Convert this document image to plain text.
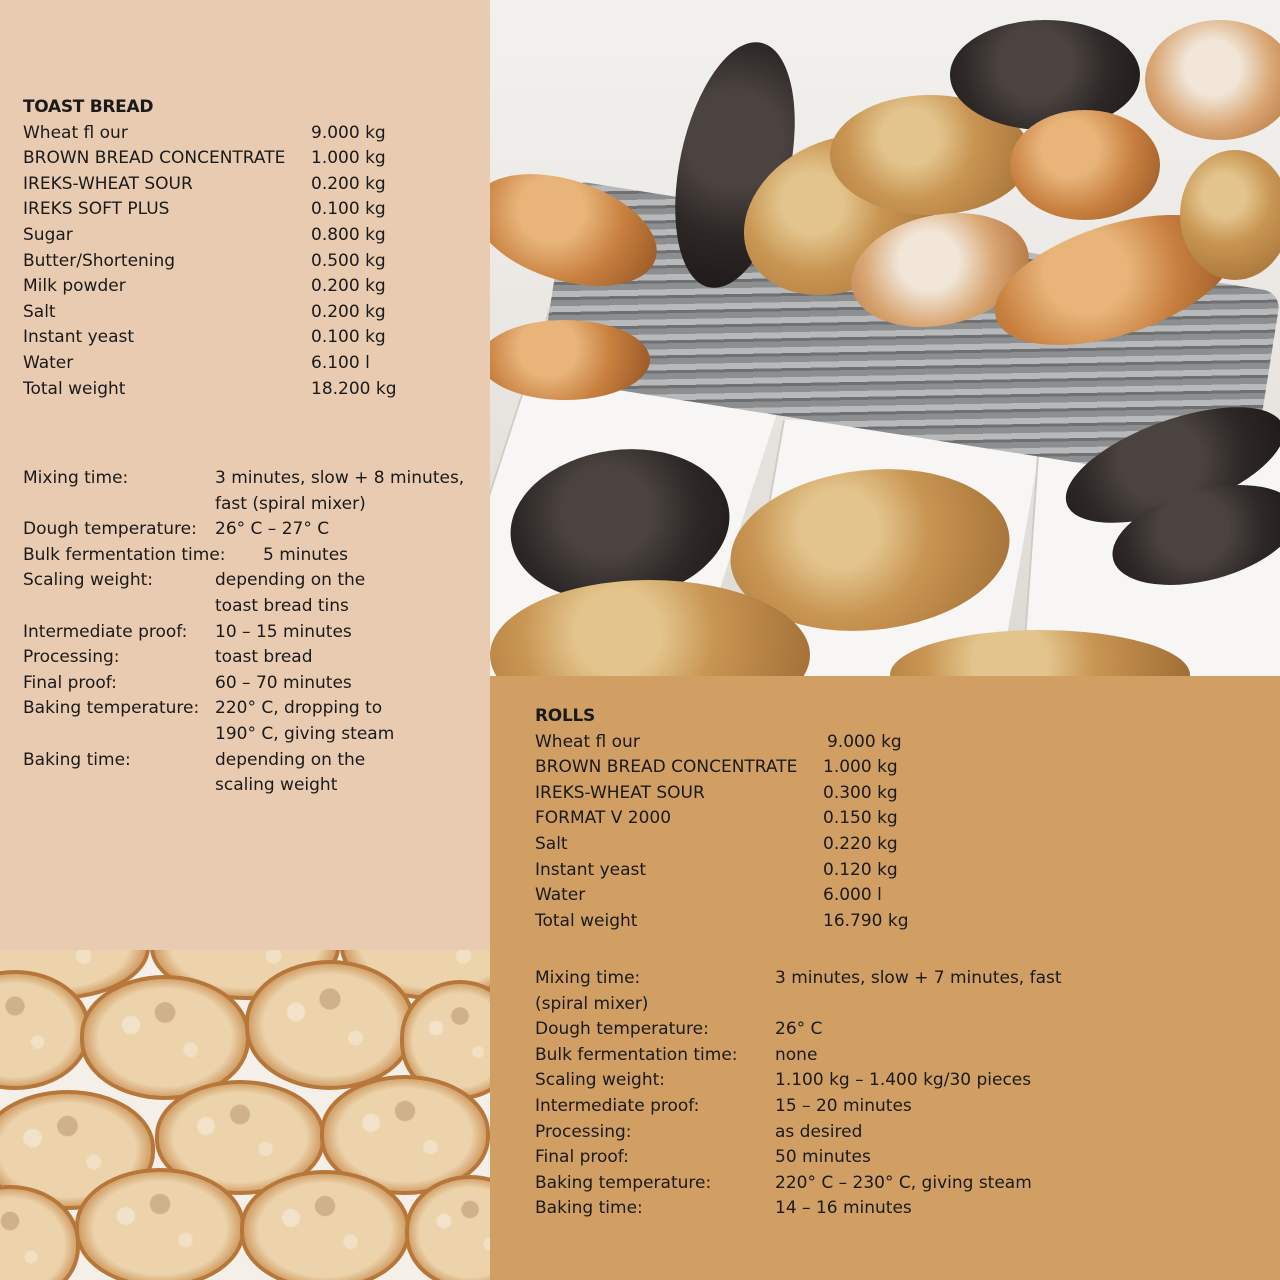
TOAST BREAD
Wheat fl our	9.000 kg
BROWN BREAD CONCENTRATE	1.000 kg
IREKS-WHEAT SOUR	0.200 kg
IREKS SOFT PLUS	0.100 kg
Sugar	0.800 kg
Butter/Shortening	0.500 kg
Milk powder	0.200 kg
Salt	0.200 kg
Instant yeast	0.100 kg
Water	6.100 l
Total weight	18.200 kg
Mixing time:	3 minutes, slow + 8 minutes, fast (spiral mixer)
Dough temperature:	26° C – 27° C
Bulk fermentation time:	5 minutes
Scaling weight:	depending on the toast bread tins
Intermediate proof:	10 – 15 minutes
Processing:	toast bread
Final proof:	60 – 70 minutes
Baking temperature: 220° C, dropping to 190° C, giving steam
Baking time:	depending on the scaling weight
ROLLS
Wheat fl our	9.000 kg
BROWN BREAD CONCENTRATE	1.000 kg
IREKS-WHEAT SOUR	0.300 kg
FORMAT V 2000	0.150 kg
Salt	0.220 kg
Instant yeast	0.120 kg
Water	6.000 l
Total weight	16.790 kg
Mixing time:	3 minutes, slow + 7 minutes, fast
(spiral mixer)
Dough temperature:	26° C
Bulk fermentation time:	none
Scaling weight:	1.100 kg – 1.400 kg/30 pieces
Intermediate proof:	15 – 20 minutes
Processing:	as desired
Final proof:	50 minutes
Baking temperature:	220° C – 230° C, giving steam
Baking time:	14 – 16 minutes
